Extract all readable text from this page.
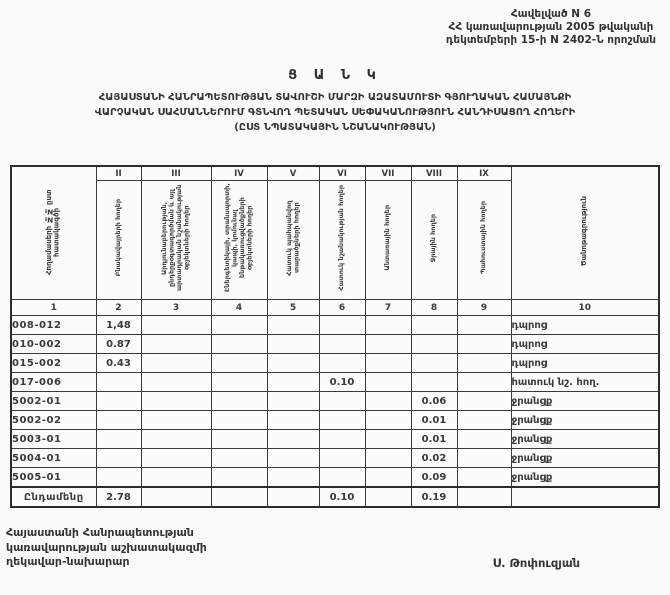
Հավելված N 6
ՀՀ կառավարության 2005 թվականի
դեկտեմբերի 15-ի N 2402-Ն որոշման
Ց Ա Ն Կ
ՀԱՅԱՍՏԱՆԻ ՀԱՆՐԱՊԵՏՈՒԹՅԱՆ ՏԱՎՈՒՇԻ ՄԱՐԶԻ ԱԶԱՏԱՄՈՒՏԻ ԳՅՈՒՂԱԿԱՆ ՀԱՄԱՅՆՔԻ
ՎԱՐՉԱԿԱՆ ՍԱՀՄԱՆՆԵՐՈՒՄ ԳՏՆՎՈՂ ՊԵՏԱԿԱՆ ՍԵՓԱԿԱՆՈՒԹՅՈՒՆ ՀԱՆԴԻՍԱՑՈՂ ՀՈՂԵՐԻ
(ԸՍՏ ՆՊԱՏԱԿԱՅԻՆ ՆՇԱՆԱԿՈՒԹՅԱՆ)
Հողամասերի №№ ըստ հատակագծի	II	III	IV	V	VI	VII	VIII	IX	Ծանոթագրություն
	Բնակավայրերի հողեր	Արդյունաբերության, ընդերքօգտագործման և այլ արտադրական նշանակության օբյեկտների հողեր	Էներգետիկայի, տրանսպորտի, կապի, կոմունալ ենթակառուցվածքների օբյեկտների հողեր	Հատուկ պահպանվող տարածքների հողեր	Հատուկ նշանակության հողեր	Անտառային հողեր	Ջրային հողեր	Պահուստային հողեր	
1	2	3	4	5	6	7	8	9	10
008-012	1,48								դպրոց
010-002	0.87								դպրոց
015-002	0.43								դպրոց
017-006					0.10				հատուկ նշ. հող.
5002-01							0.06		ջրանցք
5002-02							0.01		ջրանցք
5003-01							0.01		ջրանցք
5004-01							0.02		ջրանցք
5005-01							0.09		ջրանցք
Ընդամենը	2.78				0.10		0.19		
Հայաստանի Հանրապետության
կառավարության աշխատակազմի
ղեկավար-նախարար	Ս. Թոփուզյան
